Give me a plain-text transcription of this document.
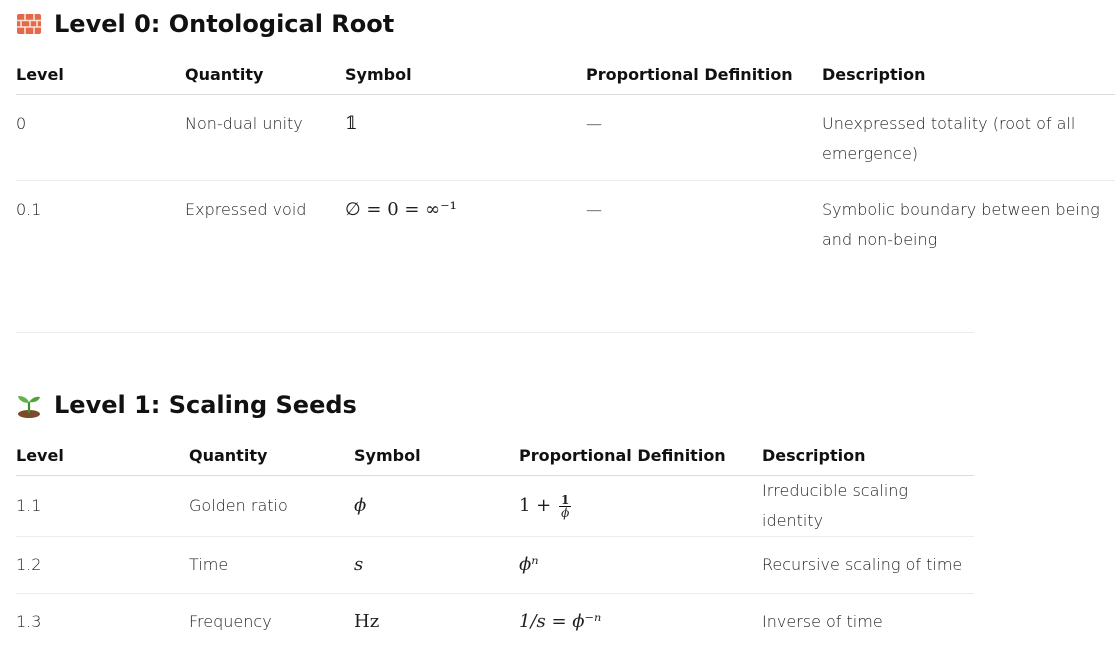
Level 0: Ontological Root
Level	Quantity	Symbol	Proportional Definition	Description
0	Non-dual unity	𝟙	—	Unexpressed totality (root of all emergence)
0.1	Expressed void	∅ = 0 = ∞⁻¹	—	Symbolic boundary between being and non-being
Level 1: Scaling Seeds
Level	Quantity	Symbol	Proportional Definition	Description
1.1	Golden ratio	ϕ	$1 + \frac{1}{\phi}$	Irreducible scaling identity
1.2	Time	s	ϕⁿ	Recursive scaling of time
1.3	Frequency	Hz	1/s = ϕ⁻ⁿ	Inverse of time
